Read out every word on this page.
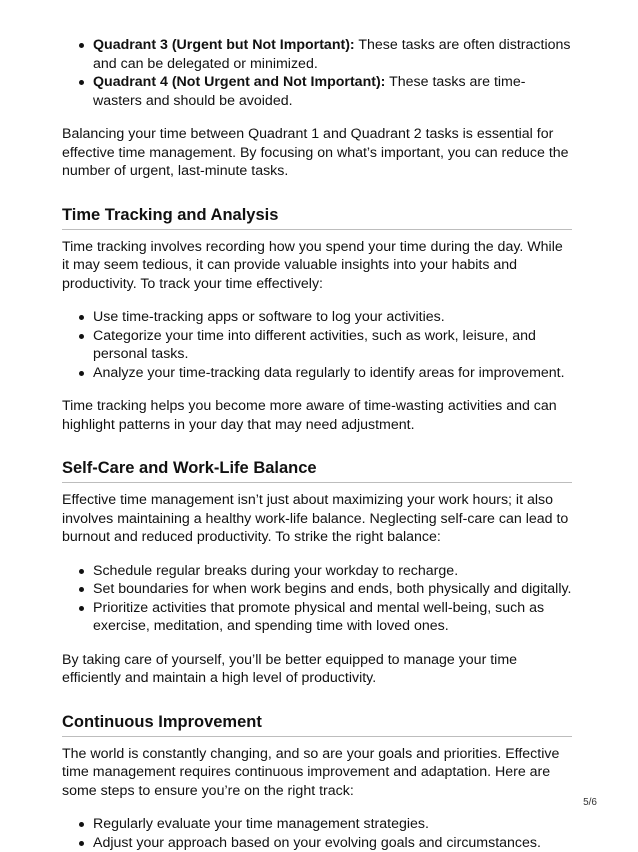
Quadrant 3 (Urgent but Not Important): These tasks are often distractions and can be delegated or minimized.
Quadrant 4 (Not Urgent and Not Important): These tasks are time-wasters and should be avoided.

Balancing your time between Quadrant 1 and Quadrant 2 tasks is essential for effective time management. By focusing on what’s important, you can reduce the number of urgent, last-minute tasks.

Time Tracking and Analysis

Time tracking involves recording how you spend your time during the day. While it may seem tedious, it can provide valuable insights into your habits and productivity. To track your time effectively:

Use time-tracking apps or software to log your activities.
Categorize your time into different activities, such as work, leisure, and personal tasks.
Analyze your time-tracking data regularly to identify areas for improvement.

Time tracking helps you become more aware of time-wasting activities and can highlight patterns in your day that may need adjustment.

Self-Care and Work-Life Balance

Effective time management isn’t just about maximizing your work hours; it also involves maintaining a healthy work-life balance. Neglecting self-care can lead to burnout and reduced productivity. To strike the right balance:

Schedule regular breaks during your workday to recharge.
Set boundaries for when work begins and ends, both physically and digitally.
Prioritize activities that promote physical and mental well-being, such as exercise, meditation, and spending time with loved ones.

By taking care of yourself, you’ll be better equipped to manage your time efficiently and maintain a high level of productivity.

Continuous Improvement

The world is constantly changing, and so are your goals and priorities. Effective time management requires continuous improvement and adaptation. Here are some steps to ensure you’re on the right track:

Regularly evaluate your time management strategies.
Adjust your approach based on your evolving goals and circumstances.
5/6
